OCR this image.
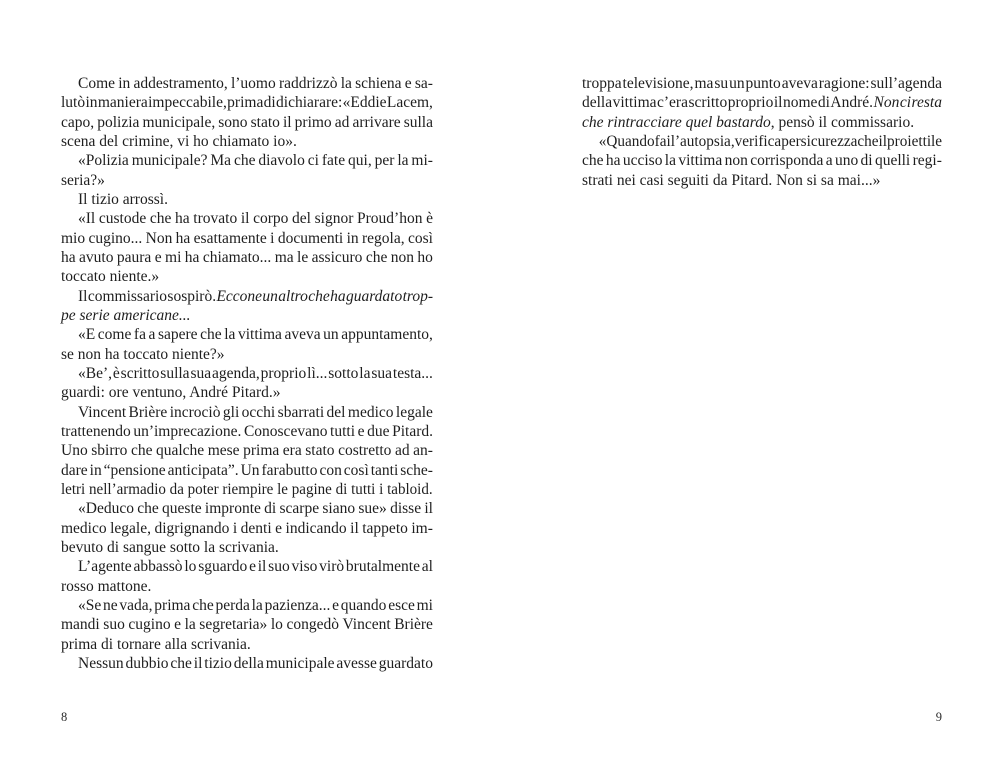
Come in addestramento, l’uomo raddrizzò la schiena e sa-
lutò in maniera impeccabile, prima di dichiarare: «Eddie Lacem,
capo, polizia municipale, sono stato il primo ad arrivare sulla
scena del crimine, vi ho chiamato io».
«Polizia municipale? Ma che diavolo ci fate qui, per la mi-
seria?»
Il tizio arrossì.
«Il custode che ha trovato il corpo del signor Proud’hon è
mio cugino... Non ha esattamente i documenti in regola, così
ha avuto paura e mi ha chiamato... ma le assicuro che non ho
toccato niente.»
Il commissario sospirò. Eccone un altro che ha guardato trop-
pe serie americane...
«E come fa a sapere che la vittima aveva un appuntamento,
se non ha toccato niente?»
«Be’, è scritto sulla sua agenda, proprio lì... sotto la sua testa...
guardi: ore ventuno, André Pitard.»
Vincent Brière incrociò gli occhi sbarrati del medico legale
trattenendo un’imprecazione. Conoscevano tutti e due Pitard.
Uno sbirro che qualche mese prima era stato costretto ad an-
dare in “pensione anticipata”. Un farabutto con così tanti sche-
letri nell’armadio da poter riempire le pagine di tutti i tabloid.
«Deduco che queste impronte di scarpe siano sue» disse il
medico legale, digrignando i denti e indicando il tappeto im-
bevuto di sangue sotto la scrivania.
L’agente abbassò lo sguardo e il suo viso virò brutalmente al
rosso mattone.
«Se ne vada, prima che perda la pazienza... e quando esce mi
mandi suo cugino e la segretaria» lo congedò Vincent Brière
prima di tornare alla scrivania.
Nessun dubbio che il tizio della municipale avesse guardato
troppa televisione, ma su un punto aveva ragione: sull’agenda
della vittima c’era scritto proprio il nome di André. Non ci resta
che rintracciare quel bastardo, pensò il commissario.
«Quando fai l’autopsia, verifica per sicurezza che il proiettile
che ha ucciso la vittima non corrisponda a uno di quelli regi-
strati nei casi seguiti da Pitard. Non si sa mai...»
8	9
